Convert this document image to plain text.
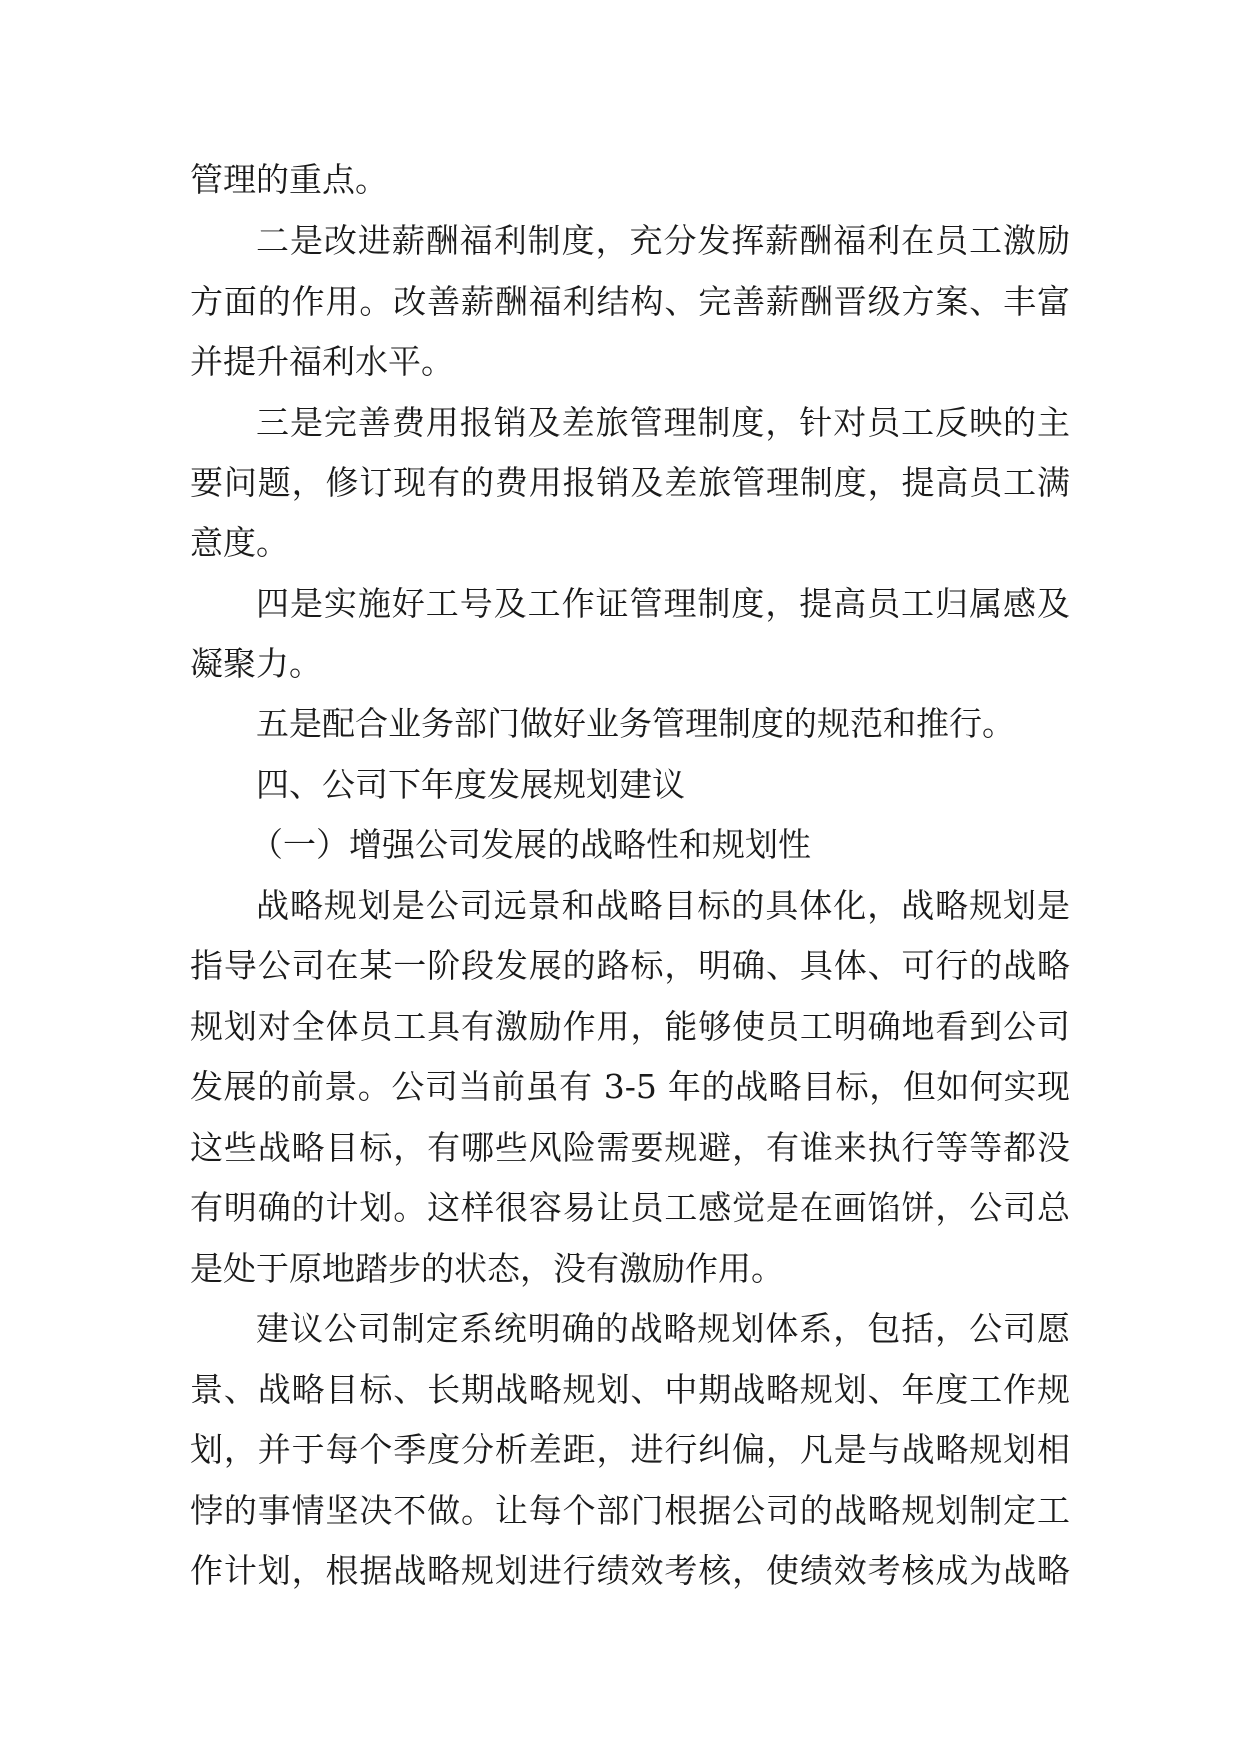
管理的重点。
二是改进薪酬福利制度，充分发挥薪酬福利在员工激励
方面的作用。改善薪酬福利结构、完善薪酬晋级方案、丰富
并提升福利水平。
三是完善费用报销及差旅管理制度，针对员工反映的主
要问题，修订现有的费用报销及差旅管理制度，提高员工满
意度。
四是实施好工号及工作证管理制度，提高员工归属感及
凝聚力。
五是配合业务部门做好业务管理制度的规范和推行。
四、公司下年度发展规划建议
（一）增强公司发展的战略性和规划性
战略规划是公司远景和战略目标的具体化，战略规划是
指导公司在某一阶段发展的路标，明确、具体、可行的战略
规划对全体员工具有激励作用，能够使员工明确地看到公司
发展的前景。公司当前虽有 3-5 年的战略目标，但如何实现
这些战略目标，有哪些风险需要规避，有谁来执行等等都没
有明确的计划。这样很容易让员工感觉是在画馅饼，公司总
是处于原地踏步的状态，没有激励作用。
建议公司制定系统明确的战略规划体系，包括，公司愿
景、战略目标、长期战略规划、中期战略规划、年度工作规
划，并于每个季度分析差距，进行纠偏，凡是与战略规划相
悖的事情坚决不做。让每个部门根据公司的战略规划制定工
作计划，根据战略规划进行绩效考核，使绩效考核成为战略
